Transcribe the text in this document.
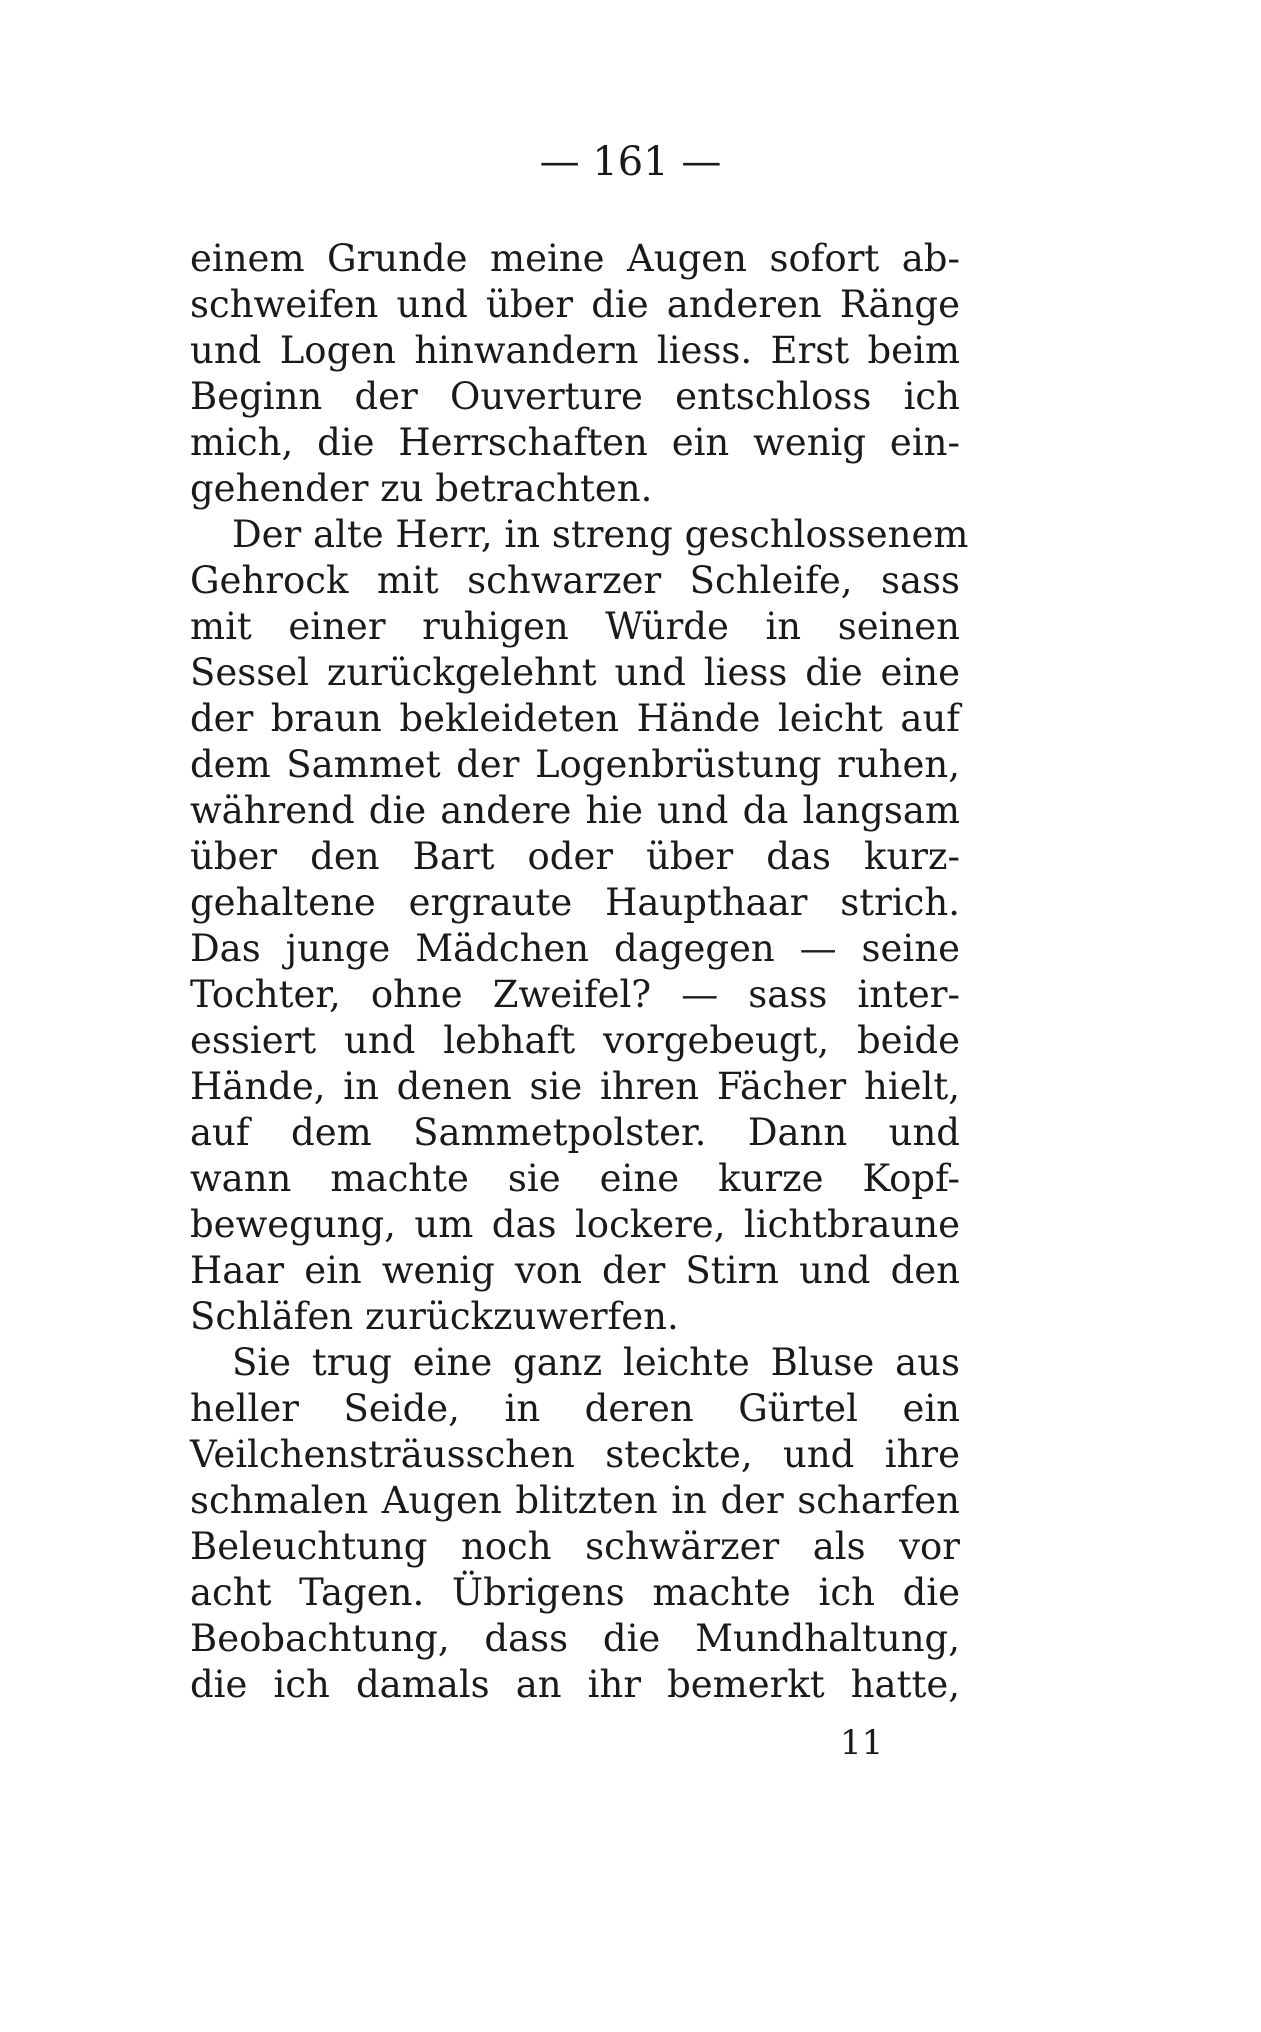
— 161 —
einem Grunde meine Augen sofort ab-
schweifen und über die anderen Ränge
und Logen hinwandern liess. Erst beim
Beginn der Ouverture entschloss ich
mich, die Herrschaften ein wenig ein-
gehender zu betrachten.
Der alte Herr, in streng geschlossenem
Gehrock mit schwarzer Schleife, sass
mit einer ruhigen Würde in seinen
Sessel zurückgelehnt und liess die eine
der braun bekleideten Hände leicht auf
dem Sammet der Logenbrüstung ruhen,
während die andere hie und da langsam
über den Bart oder über das kurz-
gehaltene ergraute Haupthaar strich.
Das junge Mädchen dagegen — seine
Tochter, ohne Zweifel? — sass inter-
essiert und lebhaft vorgebeugt, beide
Hände, in denen sie ihren Fächer hielt,
auf dem Sammetpolster. Dann und
wann machte sie eine kurze Kopf-
bewegung, um das lockere, lichtbraune
Haar ein wenig von der Stirn und den
Schläfen zurückzuwerfen.
Sie trug eine ganz leichte Bluse aus
heller Seide, in deren Gürtel ein
Veilchensträusschen steckte, und ihre
schmalen Augen blitzten in der scharfen
Beleuchtung noch schwärzer als vor
acht Tagen. Übrigens machte ich die
Beobachtung, dass die Mundhaltung,
die ich damals an ihr bemerkt hatte,
11
